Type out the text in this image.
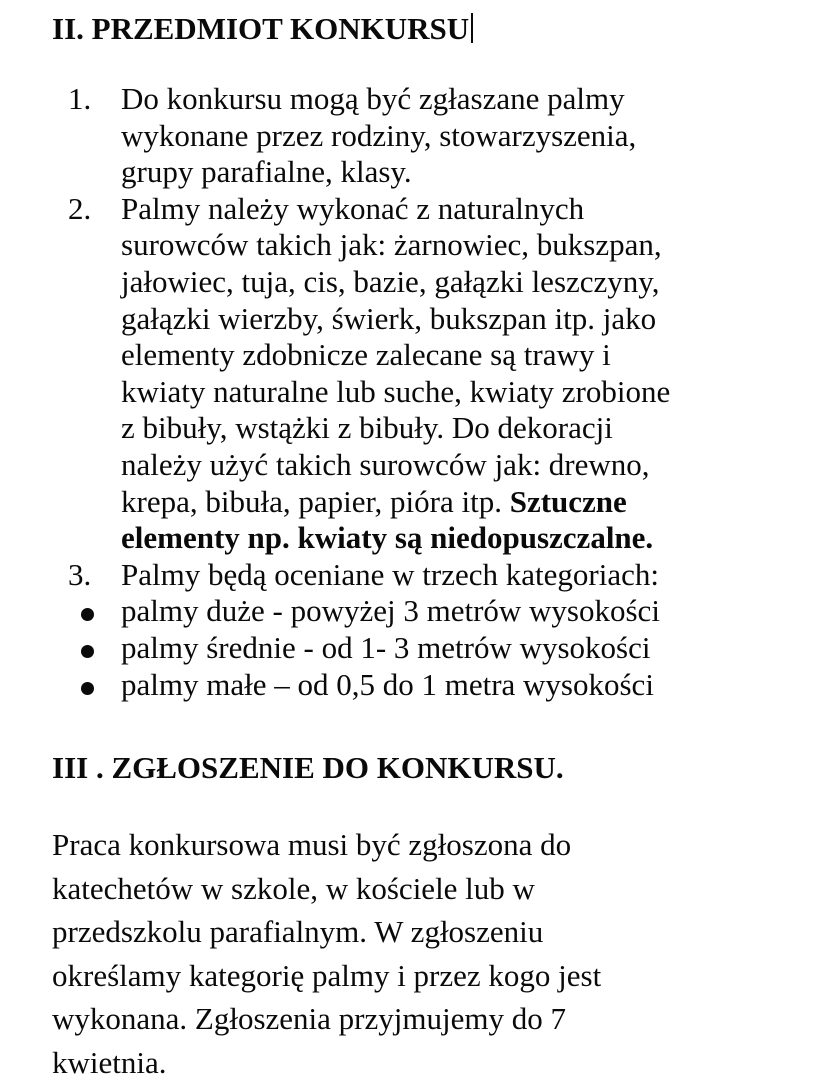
II. PRZEDMIOT KONKURSU
1. Do konkursu mogą być zgłaszane palmy
wykonane przez rodziny, stowarzyszenia,
grupy parafialne, klasy.
2. Palmy należy wykonać z naturalnych
surowców takich jak: żarnowiec, bukszpan,
jałowiec, tuja, cis, bazie, gałązki leszczyny,
gałązki wierzby, świerk, bukszpan itp. jako
elementy zdobnicze zalecane są trawy i
kwiaty naturalne lub suche, kwiaty zrobione
z bibuły, wstążki z bibuły. Do dekoracji
należy użyć takich surowców jak: drewno,
krepa, bibuła, papier, pióra itp. Sztuczne
elementy np. kwiaty są niedopuszczalne.
3. Palmy będą oceniane w trzech kategoriach:
palmy duże - powyżej 3 metrów wysokości
palmy średnie - od 1- 3 metrów wysokości
palmy małe – od 0,5 do 1 metra wysokości
III . ZGŁOSZENIE DO KONKURSU.

Praca konkursowa musi być zgłoszona do
katechetów w szkole, w kościele lub w
przedszkolu parafialnym. W zgłoszeniu
określamy kategorię palmy i przez kogo jest
wykonana. Zgłoszenia przyjmujemy do 7
kwietnia.
